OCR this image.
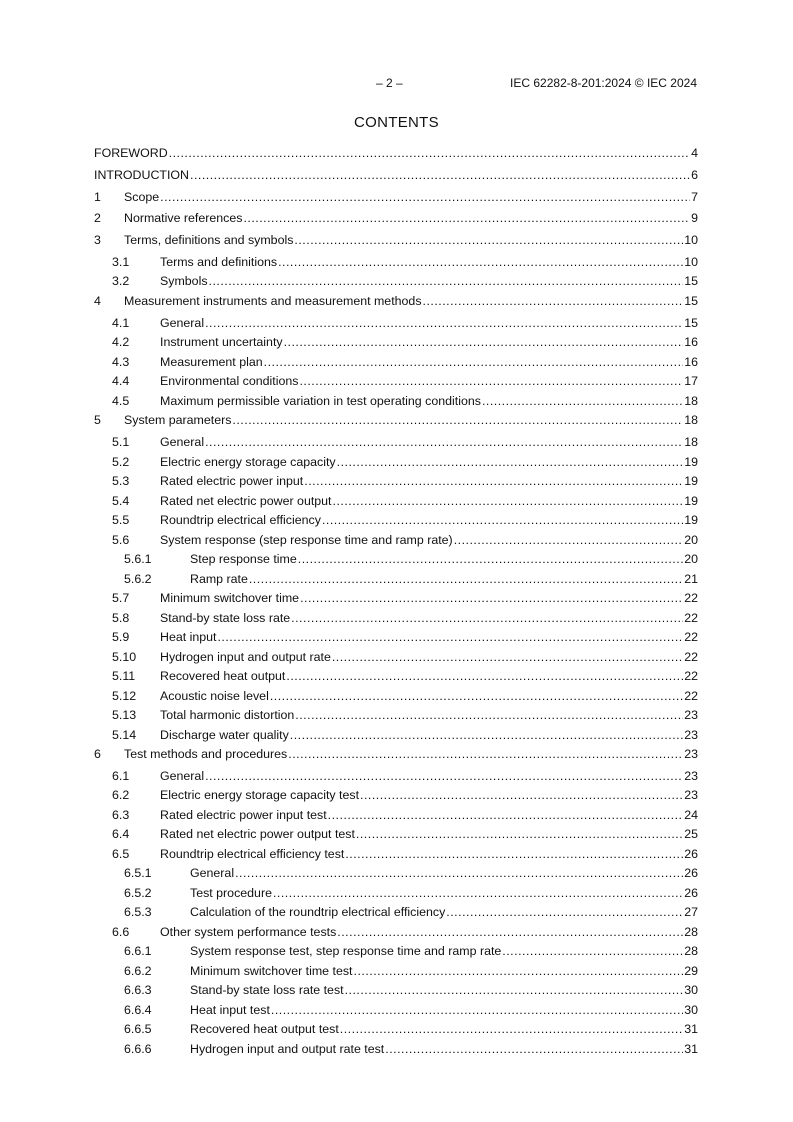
– 2 –	IEC 62282-8-201:2024 © IEC 2024
CONTENTS
FOREWORD .....	4
INTRODUCTION .....	6
1	Scope .....	7
2	Normative references .....	9
3	Terms, definitions and symbols .....	10
3.1	Terms and definitions .....	10
3.2	Symbols .....	15
4	Measurement instruments and measurement methods .....	15
4.1	General .....	15
4.2	Instrument uncertainty .....	16
4.3	Measurement plan .....	16
4.4	Environmental conditions .....	17
4.5	Maximum permissible variation in test operating conditions .....	18
5	System parameters .....	18
5.1	General .....	18
5.2	Electric energy storage capacity .....	19
5.3	Rated electric power input .....	19
5.4	Rated net electric power output .....	19
5.5	Roundtrip electrical efficiency .....	19
5.6	System response (step response time and ramp rate) .....	20
5.6.1	Step response time .....	20
5.6.2	Ramp rate .....	21
5.7	Minimum switchover time .....	22
5.8	Stand-by state loss rate .....	22
5.9	Heat input .....	22
5.10	Hydrogen input and output rate .....	22
5.11	Recovered heat output .....	22
5.12	Acoustic noise level .....	22
5.13	Total harmonic distortion .....	23
5.14	Discharge water quality .....	23
6	Test methods and procedures .....	23
6.1	General .....	23
6.2	Electric energy storage capacity test .....	23
6.3	Rated electric power input test .....	24
6.4	Rated net electric power output test .....	25
6.5	Roundtrip electrical efficiency test .....	26
6.5.1	General .....	26
6.5.2	Test procedure .....	26
6.5.3	Calculation of the roundtrip electrical efficiency .....	27
6.6	Other system performance tests .....	28
6.6.1	System response test, step response time and ramp rate .....	28
6.6.2	Minimum switchover time test .....	29
6.6.3	Stand-by state loss rate test .....	30
6.6.4	Heat input test .....	30
6.6.5	Recovered heat output test .....	31
6.6.6	Hydrogen input and output rate test .....	31
